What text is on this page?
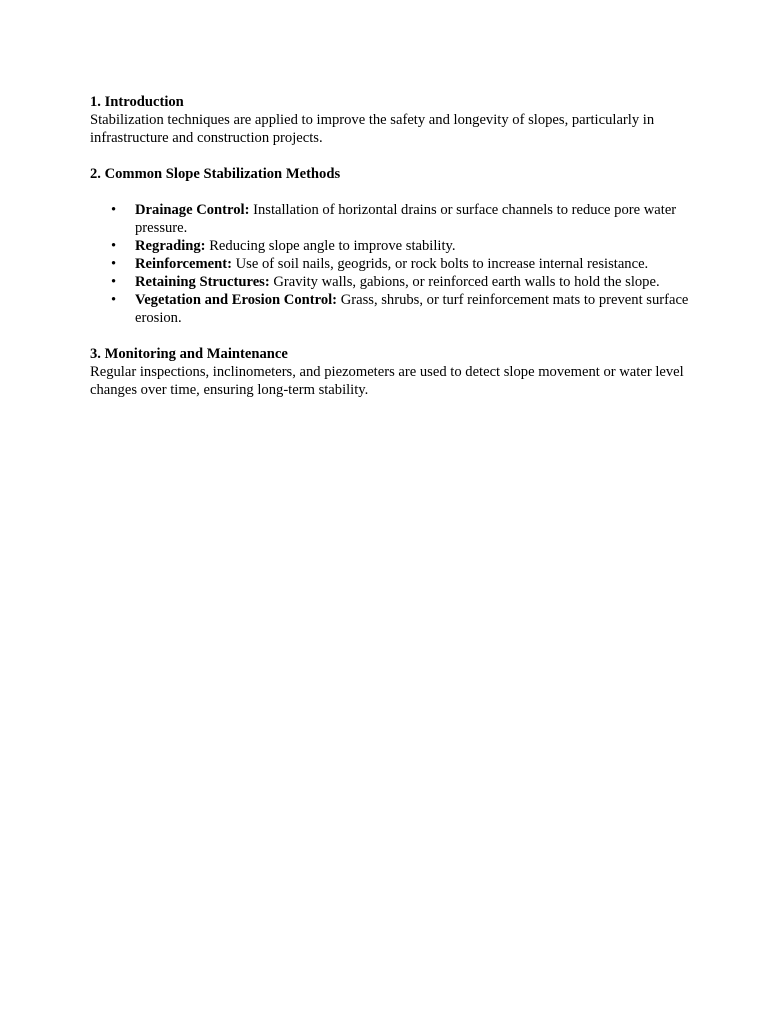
1. Introduction

Stabilization techniques are applied to improve the safety and longevity of slopes, particularly in infrastructure and construction projects.

2. Common Slope Stabilization Methods

• Drainage Control: Installation of horizontal drains or surface channels to reduce pore water pressure.
• Regrading: Reducing slope angle to improve stability.
• Reinforcement: Use of soil nails, geogrids, or rock bolts to increase internal resistance.
• Retaining Structures: Gravity walls, gabions, or reinforced earth walls to hold the slope.
• Vegetation and Erosion Control: Grass, shrubs, or turf reinforcement mats to prevent surface erosion.

3. Monitoring and Maintenance

Regular inspections, inclinometers, and piezometers are used to detect slope movement or water level changes over time, ensuring long-term stability.
